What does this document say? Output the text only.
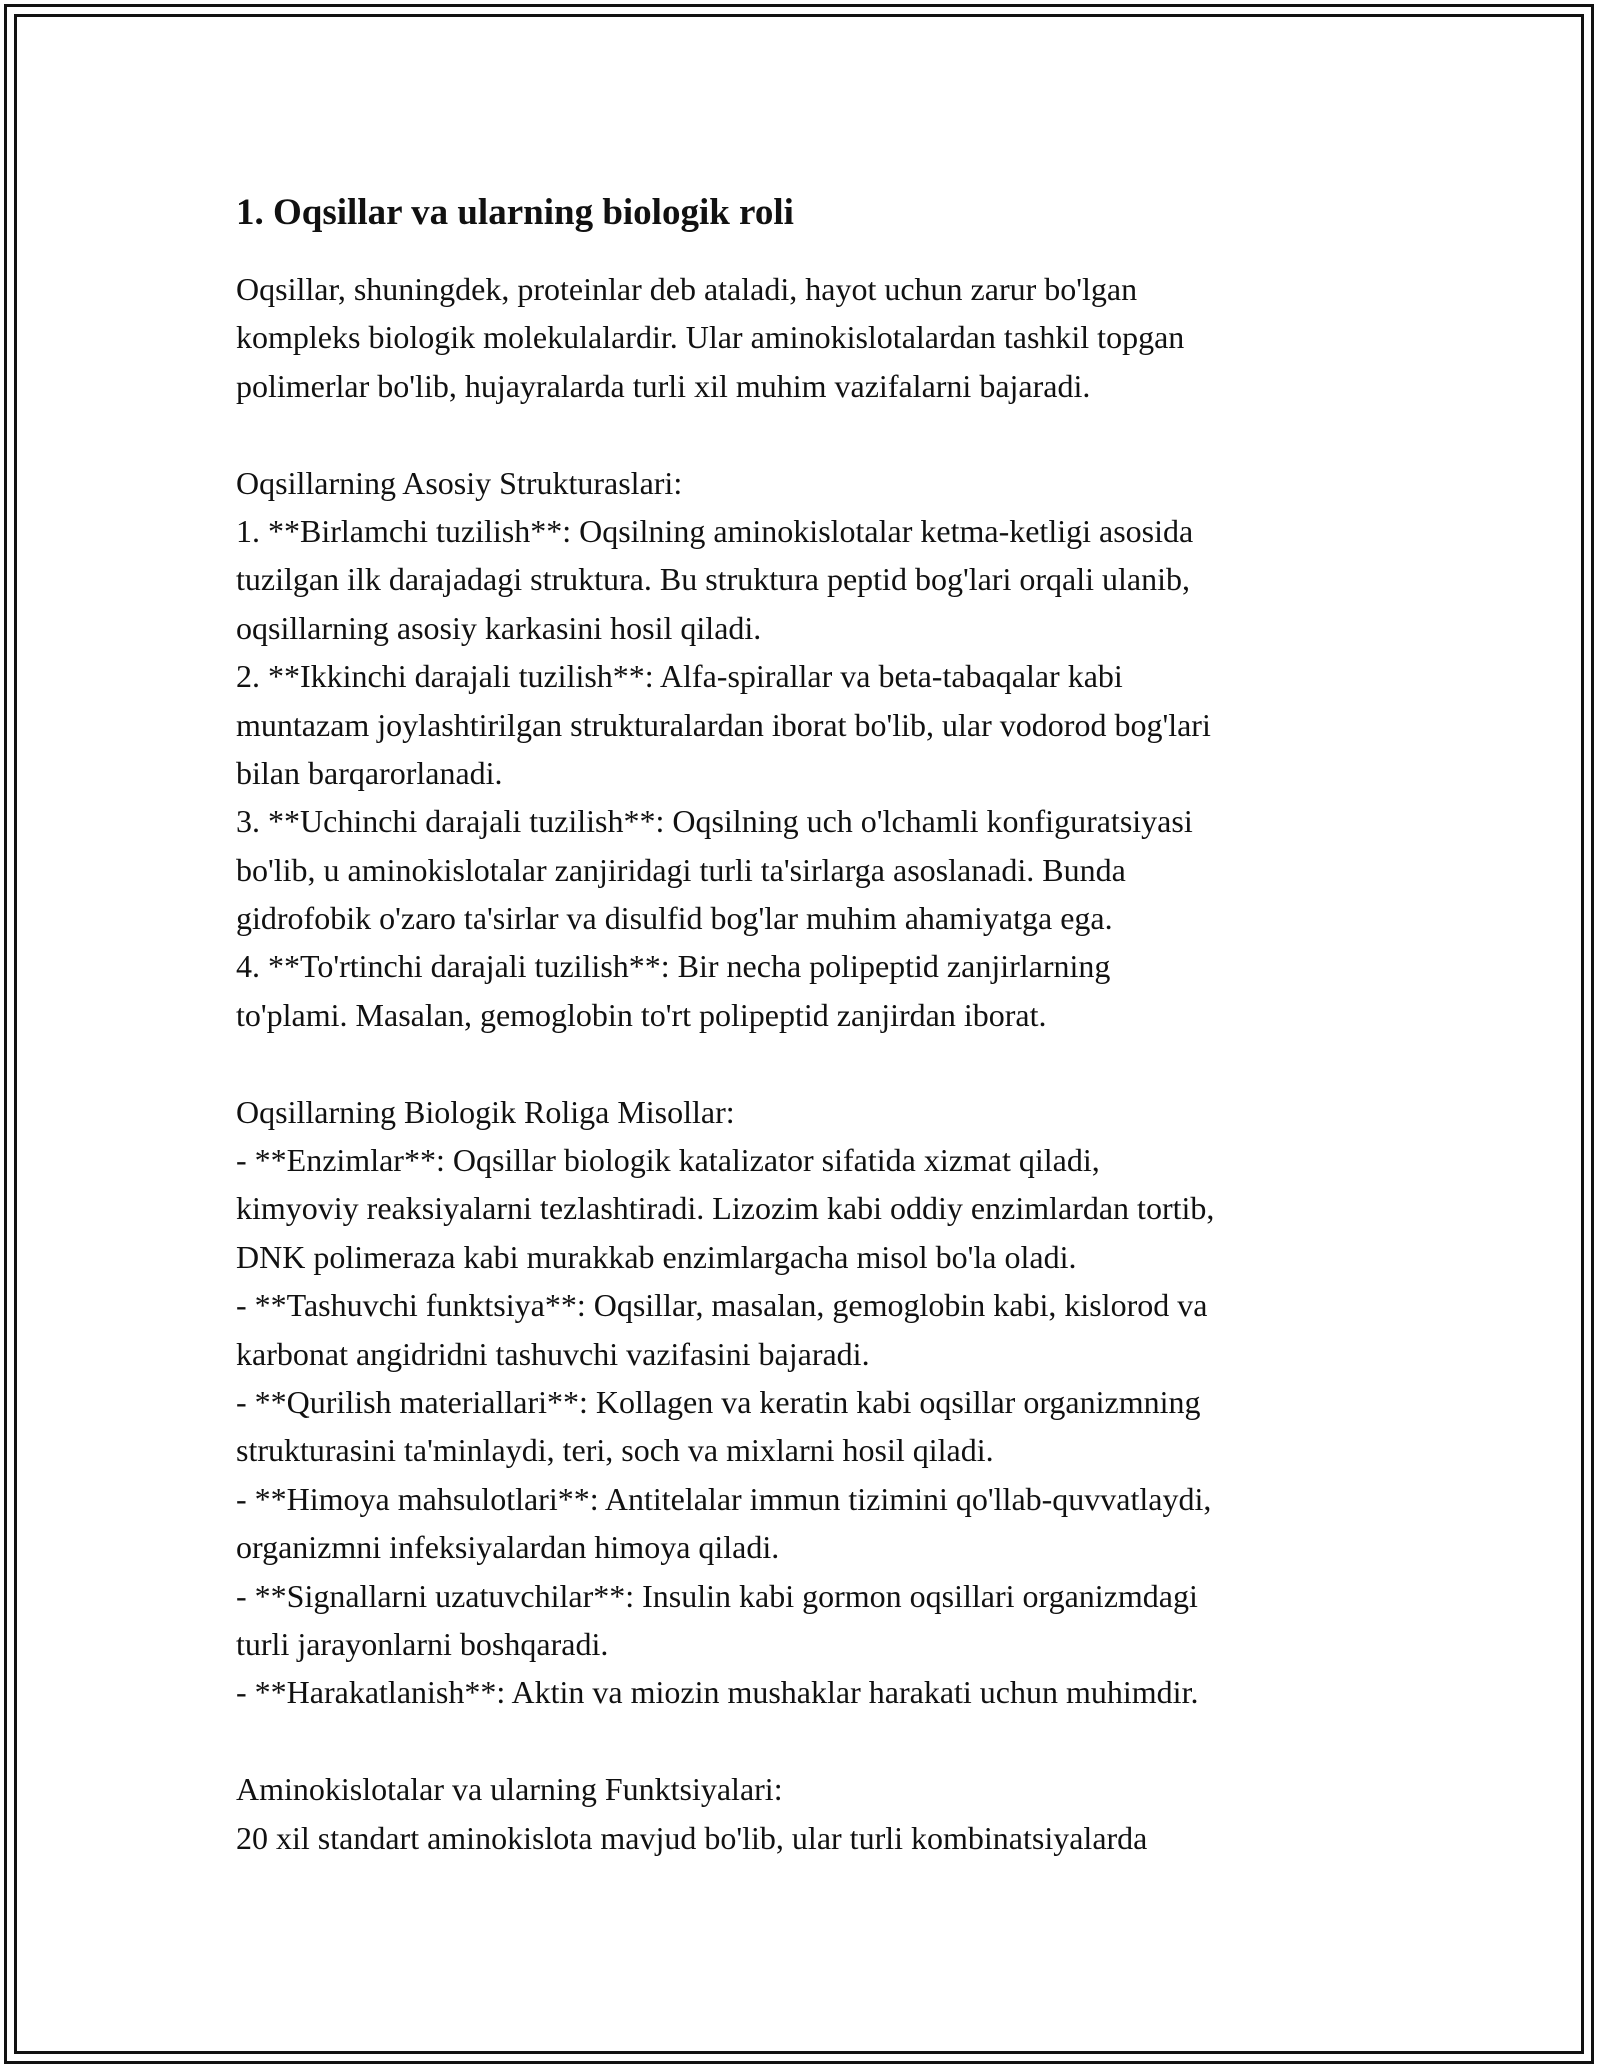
1. Oqsillar va ularning biologik roli
Oqsillar, shuningdek, proteinlar deb ataladi, hayot uchun zarur bo'lgan
kompleks biologik molekulalardir. Ular aminokislotalardan tashkil topgan
polimerlar bo'lib, hujayralarda turli xil muhim vazifalarni bajaradi.
Oqsillarning Asosiy Strukturaslari:
1. **Birlamchi tuzilish**: Oqsilning aminokislotalar ketma-ketligi asosida
tuzilgan ilk darajadagi struktura. Bu struktura peptid bog'lari orqali ulanib,
oqsillarning asosiy karkasini hosil qiladi.
2. **Ikkinchi darajali tuzilish**: Alfa-spirallar va beta-tabaqalar kabi
muntazam joylashtirilgan strukturalardan iborat bo'lib, ular vodorod bog'lari
bilan barqarorlanadi.
3. **Uchinchi darajali tuzilish**: Oqsilning uch o'lchamli konfiguratsiyasi
bo'lib, u aminokislotalar zanjiridagi turli ta'sirlarga asoslanadi. Bunda
gidrofobik o'zaro ta'sirlar va disulfid bog'lar muhim ahamiyatga ega.
4. **To'rtinchi darajali tuzilish**: Bir necha polipeptid zanjirlarning
to'plami. Masalan, gemoglobin to'rt polipeptid zanjirdan iborat.
Oqsillarning Biologik Roliga Misollar:
- **Enzimlar**: Oqsillar biologik katalizator sifatida xizmat qiladi,
kimyoviy reaksiyalarni tezlashtiradi. Lizozim kabi oddiy enzimlardan tortib,
DNK polimeraza kabi murakkab enzimlargacha misol bo'la oladi.
- **Tashuvchi funktsiya**: Oqsillar, masalan, gemoglobin kabi, kislorod va
karbonat angidridni tashuvchi vazifasini bajaradi.
- **Qurilish materiallari**: Kollagen va keratin kabi oqsillar organizmning
strukturasini ta'minlaydi, teri, soch va mixlarni hosil qiladi.
- **Himoya mahsulotlari**: Antitelalar immun tizimini qo'llab-quvvatlaydi,
organizmni infeksiyalardan himoya qiladi.
- **Signallarni uzatuvchilar**: Insulin kabi gormon oqsillari organizmdagi
turli jarayonlarni boshqaradi.
- **Harakatlanish**: Aktin va miozin mushaklar harakati uchun muhimdir.
Aminokislotalar va ularning Funktsiyalari:
20 xil standart aminokislota mavjud bo'lib, ular turli kombinatsiyalarda
